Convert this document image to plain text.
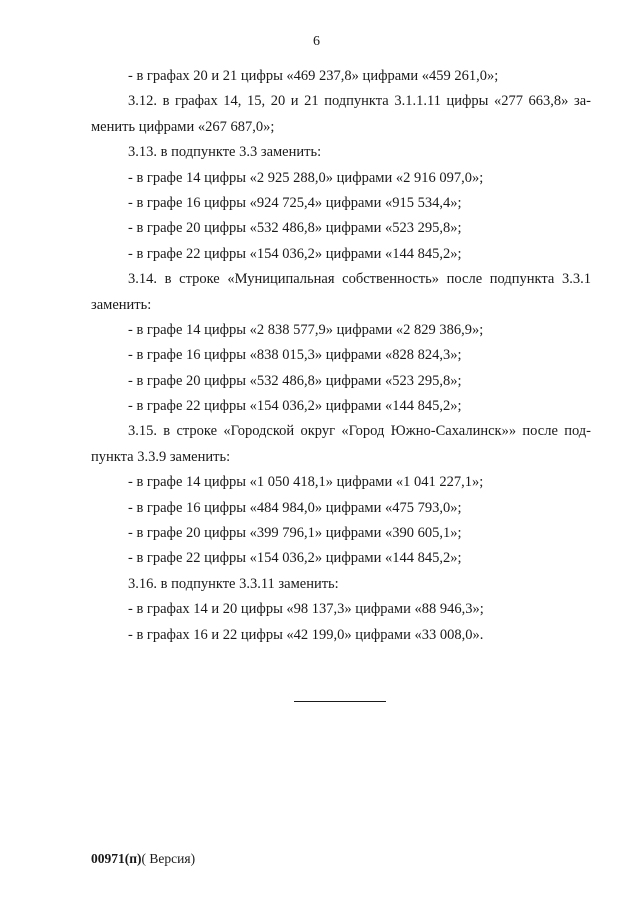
6
- в графах 20 и 21 цифры «469 237,8» цифрами «459 261,0»;
3.12. в графах 14, 15, 20 и 21 подпункта 3.1.1.11 цифры «277 663,8» за-
менить цифрами «267 687,0»;
3.13. в подпункте 3.3 заменить:
- в графе 14 цифры «2 925 288,0» цифрами «2 916 097,0»;
- в графе 16 цифры «924 725,4» цифрами «915 534,4»;
- в графе 20 цифры «532 486,8» цифрами «523 295,8»;
- в графе 22 цифры «154 036,2» цифрами «144 845,2»;
3.14. в строке «Муниципальная собственность» после подпункта 3.3.1
заменить:
- в графе 14 цифры «2 838 577,9» цифрами «2 829 386,9»;
- в графе 16 цифры «838 015,3» цифрами «828 824,3»;
- в графе 20 цифры «532 486,8» цифрами «523 295,8»;
- в графе 22 цифры «154 036,2» цифрами «144 845,2»;
3.15. в строке «Городской округ «Город Южно-Сахалинск»» после под-
пункта 3.3.9 заменить:
- в графе 14 цифры «1 050 418,1» цифрами «1 041 227,1»;
- в графе 16 цифры «484 984,0» цифрами «475 793,0»;
- в графе 20 цифры «399 796,1» цифрами «390 605,1»;
- в графе 22 цифры «154 036,2» цифрами «144 845,2»;
3.16. в подпункте 3.3.11 заменить:
- в графах 14 и 20 цифры «98 137,3» цифрами «88 946,3»;
- в графах 16 и 22 цифры «42 199,0» цифрами «33 008,0».
00971(п)( Версия)
